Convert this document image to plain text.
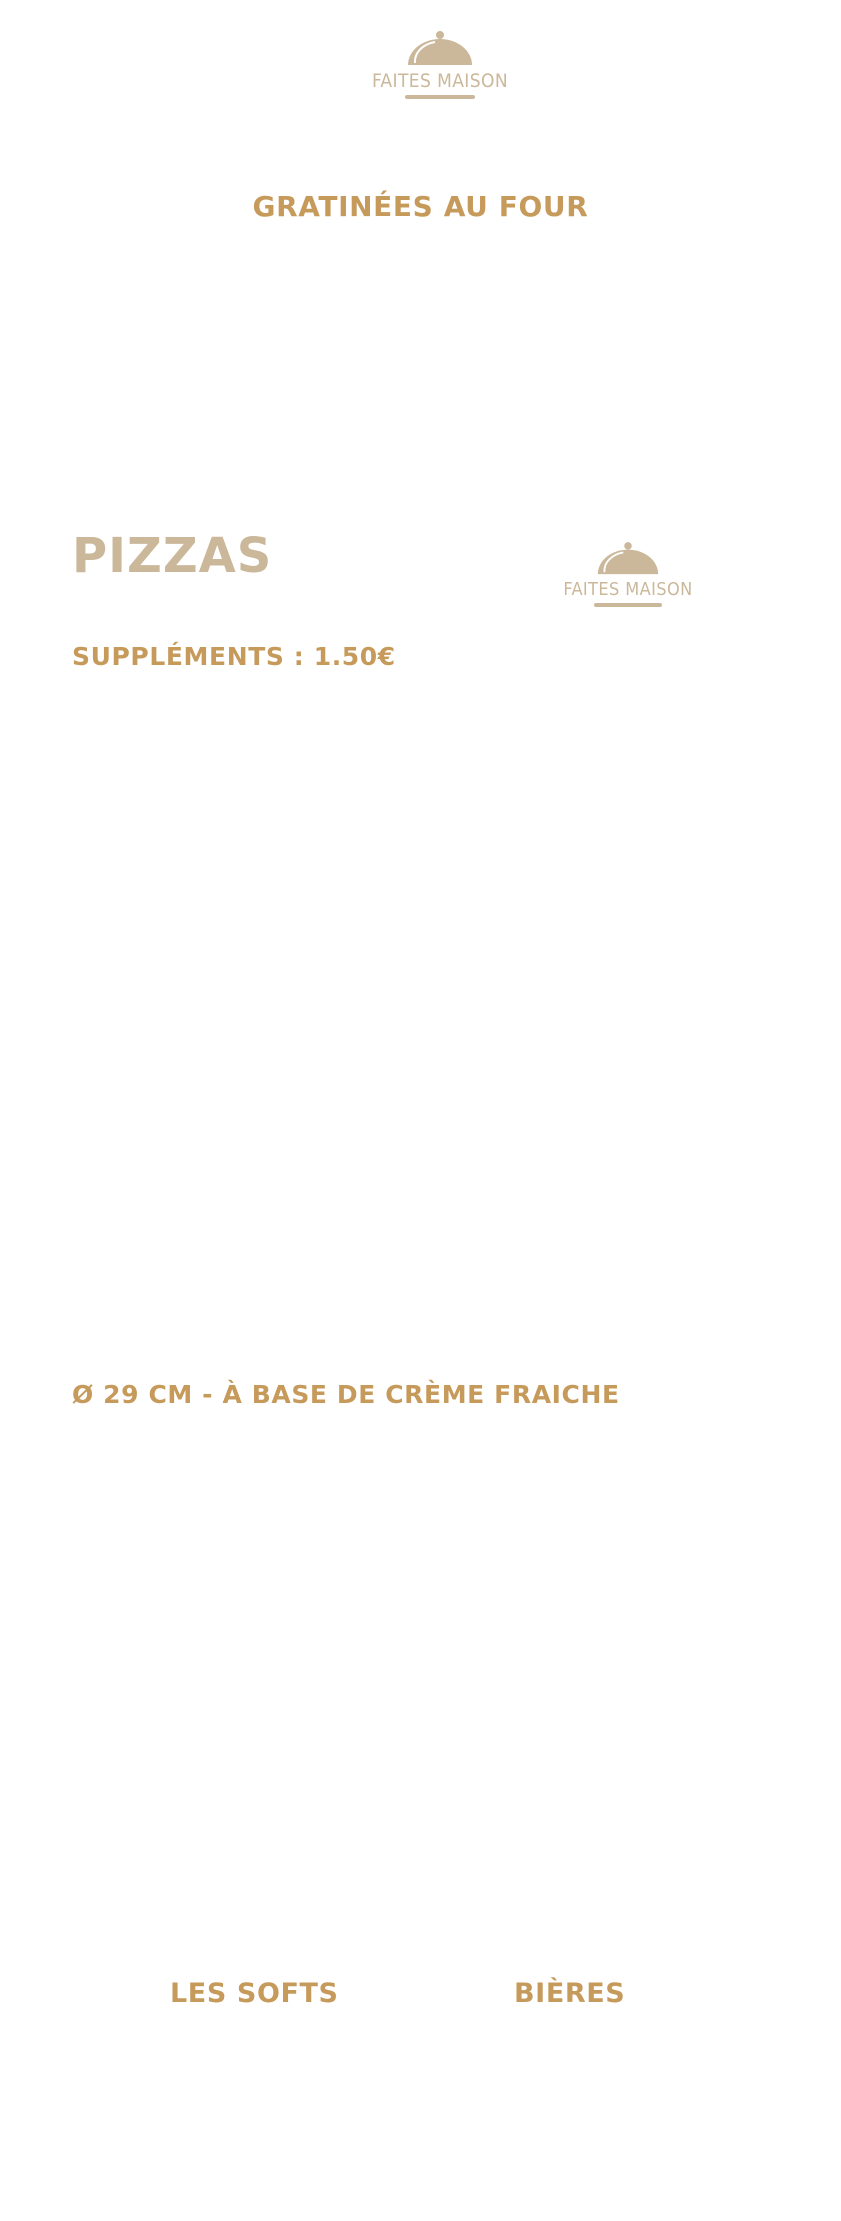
FAITES MAISON
GRATINÉES AU FOUR
PIZZAS
FAITES MAISON
SUPPLÉMENTS : 1.50€
Ø 29 CM - À BASE DE CRÈME FRAICHE
LES SOFTS	BIÈRES
